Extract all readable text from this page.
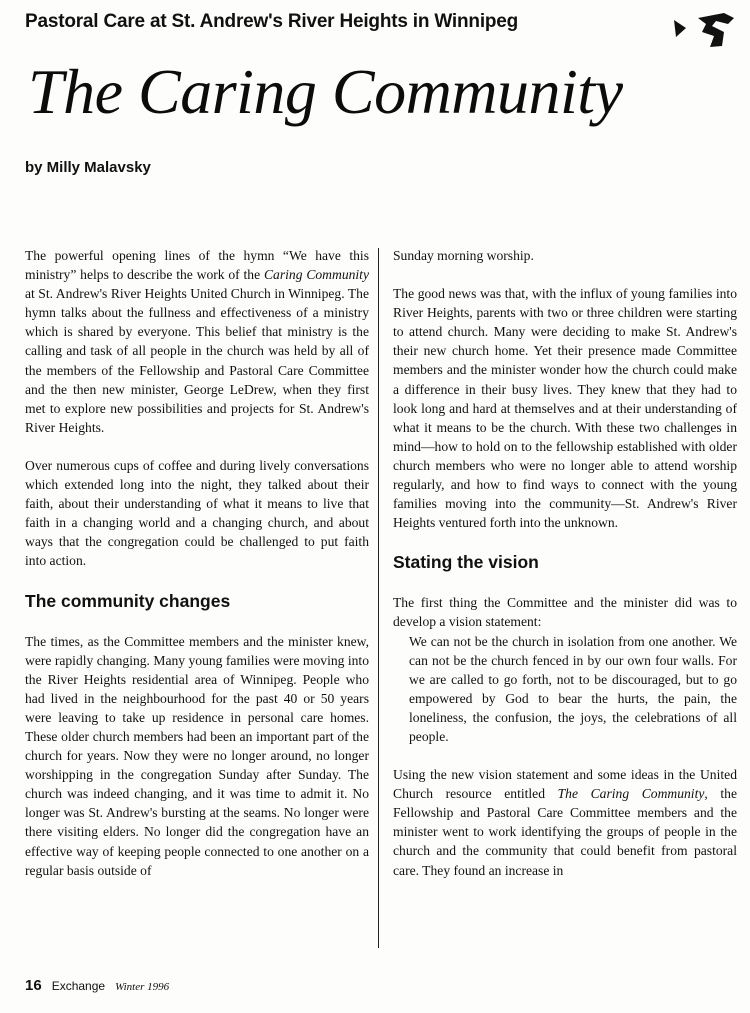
Pastoral Care at St. Andrew's River Heights in Winnipeg
The Caring Community
by Milly Malavsky

The powerful opening lines of the hymn “We have this ministry” helps to describe the work of the Caring Community at St. Andrew's River Heights United Church in Winnipeg. The hymn talks about the fullness and effectiveness of a ministry which is shared by everyone. This belief that ministry is the calling and task of all people in the church was held by all of the members of the Fellowship and Pastoral Care Committee and the then new minister, George LeDrew, when they first met to explore new possibilities and projects for St. Andrew's River Heights.

Over numerous cups of coffee and during lively conversations which extended long into the night, they talked about their faith, about their understanding of what it means to live that faith in a changing world and a changing church, and about ways that the congregation could be challenged to put faith into action.

The community changes

The times, as the Committee members and the minister knew, were rapidly changing. Many young families were moving into the River Heights residential area of Winnipeg. People who had lived in the neighbourhood for the past 40 or 50 years were leaving to take up residence in personal care homes. These older church members had been an important part of the church for years. Now they were no longer around, no longer worshipping in the congregation Sunday after Sunday. The church was indeed changing, and it was time to admit it. No longer was St. Andrew's bursting at the seams. No longer were there visiting elders. No longer did the congregation have an effective way of keeping people connected to one another on a regular basis outside of

Sunday morning worship.

The good news was that, with the influx of young families into River Heights, parents with two or three children were starting to attend church. Many were deciding to make St. Andrew's their new church home. Yet their presence made Committee members and the minister wonder how the church could make a difference in their busy lives. They knew that they had to look long and hard at themselves and at their understanding of what it means to be the church. With these two challenges in mind—how to hold on to the fellowship established with older church members who were no longer able to attend worship regularly, and how to find ways to connect with the young families moving into the community—St. Andrew's River Heights ventured forth into the unknown.

Stating the vision

The first thing the Committee and the minister did was to develop a vision statement:

We can not be the church in isolation from one another. We can not be the church fenced in by our own four walls. For we are called to go forth, not to be discouraged, but to go empowered by God to bear the hurts, the pain, the loneliness, the confusion, the joys, the celebrations of all people.

Using the new vision statement and some ideas in the United Church resource entitled The Caring Community, the Fellowship and Pastoral Care Committee members and the minister went to work identifying the groups of people in the church and the community that could benefit from pastoral care. They found an increase in

16 Exchange Winter 1996
